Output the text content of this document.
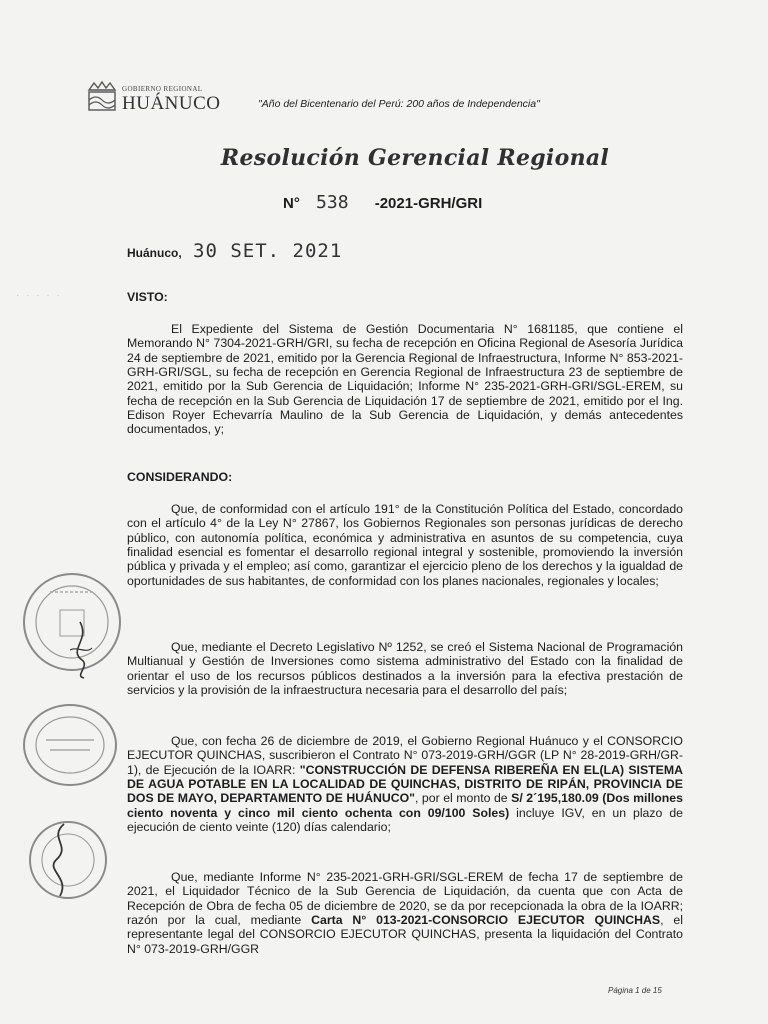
· · · · ·
GOBIERNO REGIONAL
HUÁNUCO	"Año del Bicentenario del Perú: 200 años de Independencia"
Resolución Gerencial Regional
N° 538 -2021-GRH/GRI
Huánuco, 30 SET. 2021
VISTO:

El Expediente del Sistema de Gestión Documentaria N° 1681185, que contiene el Memorando N° 7304-2021-GRH/GRI, su fecha de recepción en Oficina Regional de Asesoría Jurídica 24 de septiembre de 2021, emitido por la Gerencia Regional de Infraestructura, Informe N° 853-2021-GRH-GRI/SGL, su fecha de recepción en Gerencia Regional de Infraestructura 23 de septiembre de 2021, emitido por la Sub Gerencia de Liquidación; Informe N° 235-2021-GRH-GRI/SGL-EREM, su fecha de recepción en la Sub Gerencia de Liquidación 17 de septiembre de 2021, emitido por el Ing. Edison Royer Echevarría Maulino de la Sub Gerencia de Liquidación, y demás antecedentes documentados, y;

CONSIDERANDO:

Que, de conformidad con el artículo 191° de la Constitución Política del Estado, concordado con el artículo 4° de la Ley N° 27867, los Gobiernos Regionales son personas jurídicas de derecho público, con autonomía política, económica y administrativa en asuntos de su competencia, cuya finalidad esencial es fomentar el desarrollo regional integral y sostenible, promoviendo la inversión pública y privada y el empleo; así como, garantizar el ejercicio pleno de los derechos y la igualdad de oportunidades de sus habitantes, de conformidad con los planes nacionales, regionales y locales;

Que, mediante el Decreto Legislativo Nº 1252, se creó el Sistema Nacional de Programación Multianual y Gestión de Inversiones como sistema administrativo del Estado con la finalidad de orientar el uso de los recursos públicos destinados a la inversión para la efectiva prestación de servicios y la provisión de la infraestructura necesaria para el desarrollo del país;

Que, con fecha 26 de diciembre de 2019, el Gobierno Regional Huánuco y el CONSORCIO EJECUTOR QUINCHAS, suscribieron el Contrato N° 073-2019-GRH/GGR (LP N° 28-2019-GRH/GR-1), de Ejecución de la IOARR: "CONSTRUCCIÓN DE DEFENSA RIBEREÑA EN EL(LA) SISTEMA DE AGUA POTABLE EN LA LOCALIDAD DE QUINCHAS, DISTRITO DE RIPÁN, PROVINCIA DE DOS DE MAYO, DEPARTAMENTO DE HUÁNUCO", por el monto de S/ 2´195,180.09 (Dos millones ciento noventa y cinco mil ciento ochenta con 09/100 Soles) incluye IGV, en un plazo de ejecución de ciento veinte (120) días calendario;

Que, mediante Informe N° 235-2021-GRH-GRI/SGL-EREM de fecha 17 de septiembre de 2021, el Liquidador Técnico de la Sub Gerencia de Liquidación, da cuenta que con Acta de Recepción de Obra de fecha 05 de diciembre de 2020, se da por recepcionada la obra de la IOARR; razón por la cual, mediante Carta N° 013-2021-CONSORCIO EJECUTOR QUINCHAS, el representante legal del CONSORCIO EJECUTOR QUINCHAS, presenta la liquidación del Contrato N° 073-2019-GRH/GGR

Página 1 de 15
